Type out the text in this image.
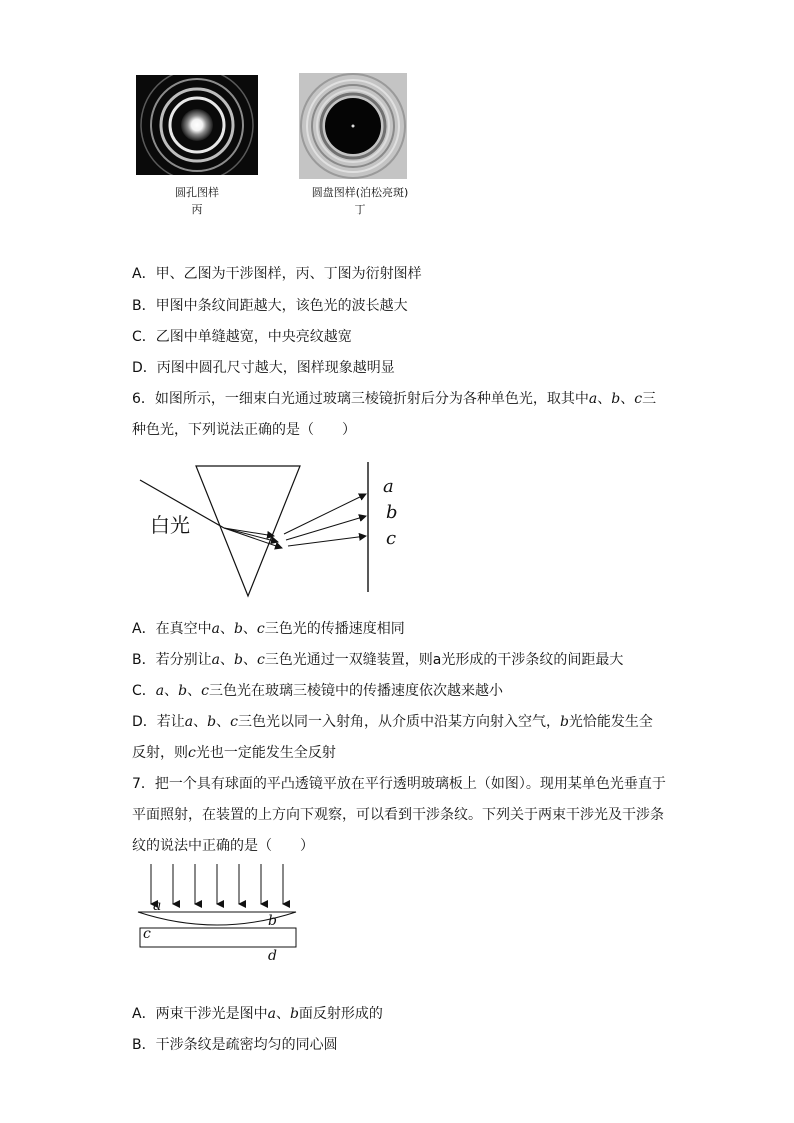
圆孔图样
丙
圆盘图样(泊松亮斑)
丁
A．甲、乙图为干涉图样，丙、丁图为衍射图样
B．甲图中条纹间距越大，该色光的波长越大
C．乙图中单缝越宽，中央亮纹越宽
D．丙图中圆孔尺寸越大，图样现象越明显
6．如图所示，一细束白光通过玻璃三棱镜折射后分为各种单色光，取其中a、b、c三
种色光，下列说法正确的是（　　）
白光
a
b
c
A．在真空中a、b、c三色光的传播速度相同
B．若分别让a、b、c三色光通过一双缝装置，则a光形成的干涉条纹的间距最大
C．a、b、c三色光在玻璃三棱镜中的传播速度依次越来越小
D．若让a、b、c三色光以同一入射角，从介质中沿某方向射入空气，b光恰能发生全
反射，则c光也一定能发生全反射
7．把一个具有球面的平凸透镜平放在平行透明玻璃板上（如图）。现用某单色光垂直于
平面照射，在装置的上方向下观察，可以看到干涉条纹。下列关于两束干涉光及干涉条
纹的说法中正确的是（　　）
a
b
c
d
A．两束干涉光是图中a、b面反射形成的
B．干涉条纹是疏密均匀的同心圆
